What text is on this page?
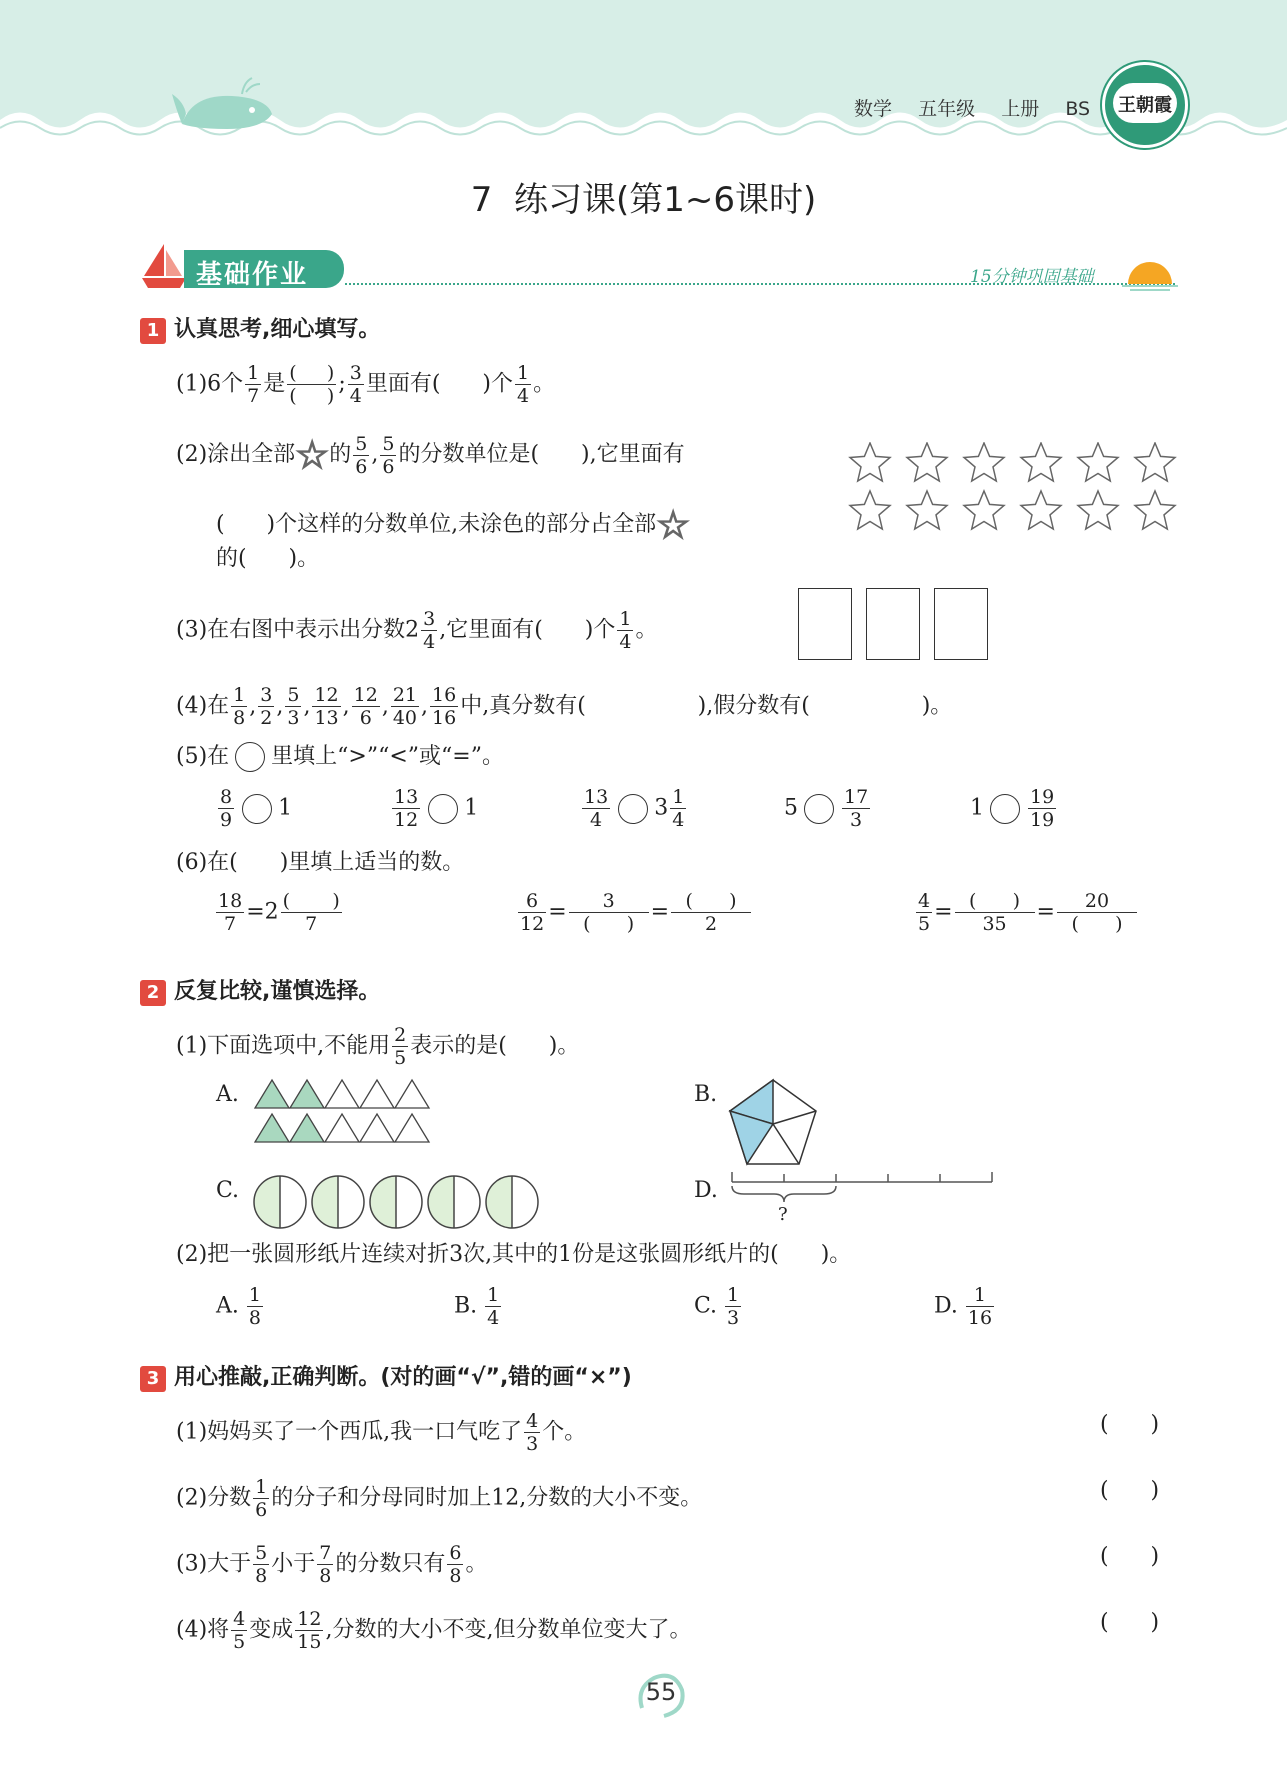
数学 五年级 上册 BS	王朝霞
7  练习课(第1~6课时)
基础作业	15分钟巩固基础
1 认真思考,细心填写。
(1)6个 $\frac{1}{7}$ 是 (     )
(     ) ; $\frac{3}{4}$ 里面有(      )个 $\frac{1}{4}$ 。
(2)涂出全部☆的 $\frac{5}{6}$ , $\frac{5}{6}$ 的分数单位是(      ),它里面有
(      )个这样的分数单位,未涂色的部分占全部☆
的(      )。
(3)在右图中表示出分数$2 \frac{3}{4}$ ,它里面有(      )个 $\frac{1}{4}$ 。
(4)在 $\frac{1}{8}$ , $\frac{3}{2}$ , $\frac{5}{3}$ , $\frac{12}{13}$ , $\frac{12}{6}$ , $\frac{21}{40}$ , $\frac{16}{16}$ 中,真分数有(                ),假分数有(                )。
(5)在 里填上“>”“<”或“=”。
$\frac{8}{9} 1$	$\frac{13}{12} 1$	$\frac{13}{4} 3 \frac{1}{4}$	$5 \frac{17}{3}$	$1 \frac{19}{19}$
(6)在(      )里填上适当的数。
$\frac{18}{7} =2$ (       )
7	$\frac{6}{12}$ =	3
(      ) = (      )
2	$\frac{4}{5}$ = (      )
35	=	20
(      )
2 反复比较,谨慎选择。
(1)下面选项中,不能用 $\frac{2}{5}$ 表示的是(      )。
A.	B.
C.	D.
?
(2)把一张圆形纸片连续对折3次,其中的1份是这张圆形纸片的(      )。
A. $\frac{1}{8}$	B. $\frac{1}{4}$	C. $\frac{1}{3}$	D. $\frac{1}{16}$
3 用心推敲,正确判断。(对的画“√”,错的画“×”)
(1)妈妈买了一个西瓜,我一口气吃了 $\frac{4}{3}$ 个。
(2)分数 $\frac{1}{6}$ 的分子和分母同时加上12,分数的大小不变。
(3)大于 $\frac{5}{8}$ 小于 $\frac{7}{8}$ 的分数只有 $\frac{6}{8}$ 。
(4)将 $\frac{4}{5}$ 变成 $\frac{12}{15}$ ,分数的大小不变,但分数单位变大了。
(      )
(      )
(      )
(      )
55
